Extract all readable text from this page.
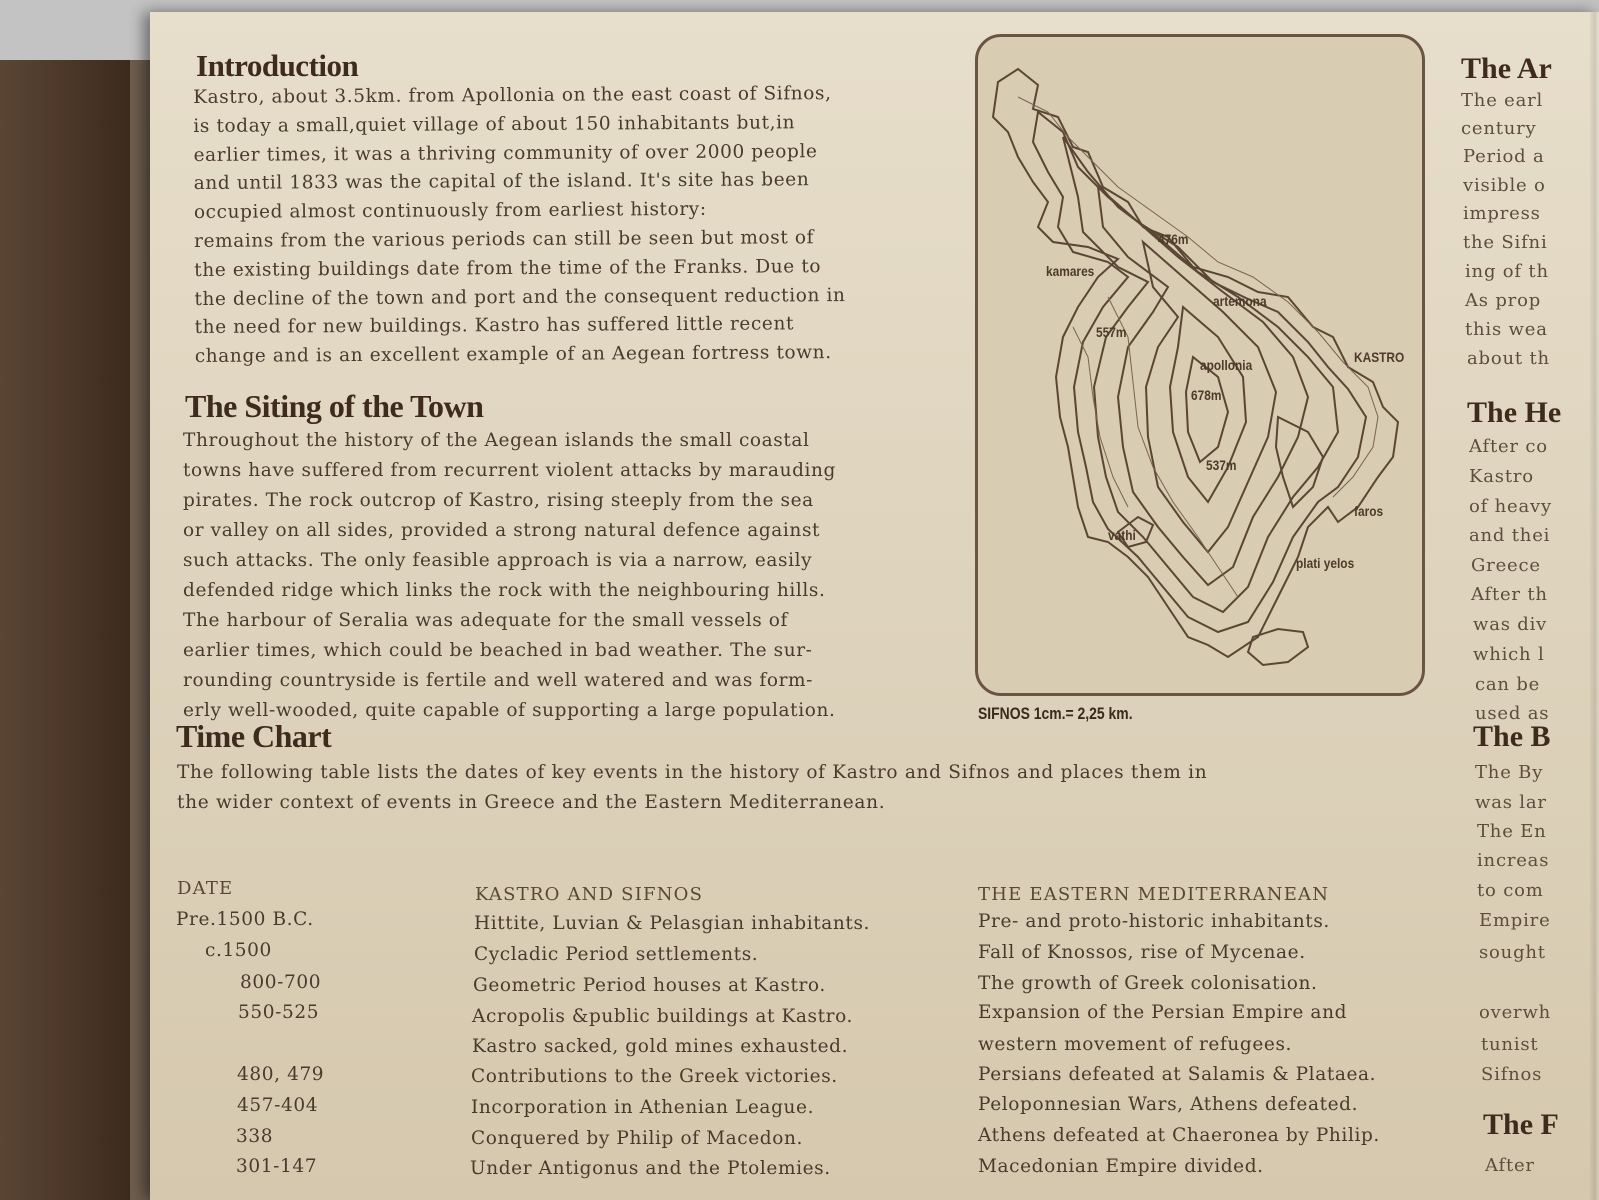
Introduction
Kastro, about 3.5km. from Apollonia on the east coast of Sifnos,
is today a small,quiet village of about 150 inhabitants but,in
earlier times, it was a thriving community of over 2000 people
and until 1833 was the capital of the island. It's site has been
occupied almost continuously from earliest history:
remains from the various periods can still be seen but most of
the existing buildings date from the time of the Franks. Due to
the decline of the town and port and the consequent reduction in
the need for new buildings. Kastro has suffered little recent
change and is an excellent example of an Aegean fortress town.
The Siting of the Town
Throughout the history of the Aegean islands the small coastal
towns have suffered from recurrent violent attacks by marauding
pirates. The rock outcrop of Kastro, rising steeply from the sea
or valley on all sides, provided a strong natural defence against
such attacks. The only feasible approach is via a narrow, easily
defended ridge which links the rock with the neighbouring hills.
The harbour of Seralia was adequate for the small vessels of
earlier times, which could be beached in bad weather. The sur-
rounding countryside is fertile and well watered and was form-
erly well-wooded, quite capable of supporting a large population.
476m
kamares
artemona
557m
apollonia	KASTRO
678m
537m
faros
vathi
plati yelos
SIFNOS 1cm.= 2,25 km.
Time Chart
The following table lists the dates of key events in the history of Kastro and Sifnos and places them in
the wider context of events in Greece and the Eastern Mediterranean.
DATE	KASTRO AND SIFNOS	THE EASTERN MEDITERRANEAN
Pre.1500 B.C.	Hittite, Luvian & Pelasgian inhabitants.	Pre- and proto-historic inhabitants.
c.1500	Cycladic Period settlements.	Fall of Knossos, rise of Mycenae.
800-700	Geometric Period houses at Kastro.	The growth of Greek colonisation.
550-525	Acropolis &public buildings at Kastro.	Expansion of the Persian Empire and
Kastro sacked, gold mines exhausted.	western movement of refugees.
480, 479	Contributions to the Greek victories.	Persians defeated at Salamis & Plataea.
457-404	Incorporation in Athenian League.	Peloponnesian Wars, Athens defeated.
338	Conquered by Philip of Macedon.	Athens defeated at Chaeronea by Philip.
301-147	Under Antigonus and the Ptolemies.	Macedonian Empire divided.
The Ar
The earl
century
Period a
visible o
impress
the Sifni
ing of th
As prop
this wea
about th
The He
After co
Kastro
of heavy
and thei
Greece
After th
was div
which l
can be
used as
The B
The By
was lar
The En
increas
to com
Empire
sought
overwh
tunist
Sifnos
The F
After
